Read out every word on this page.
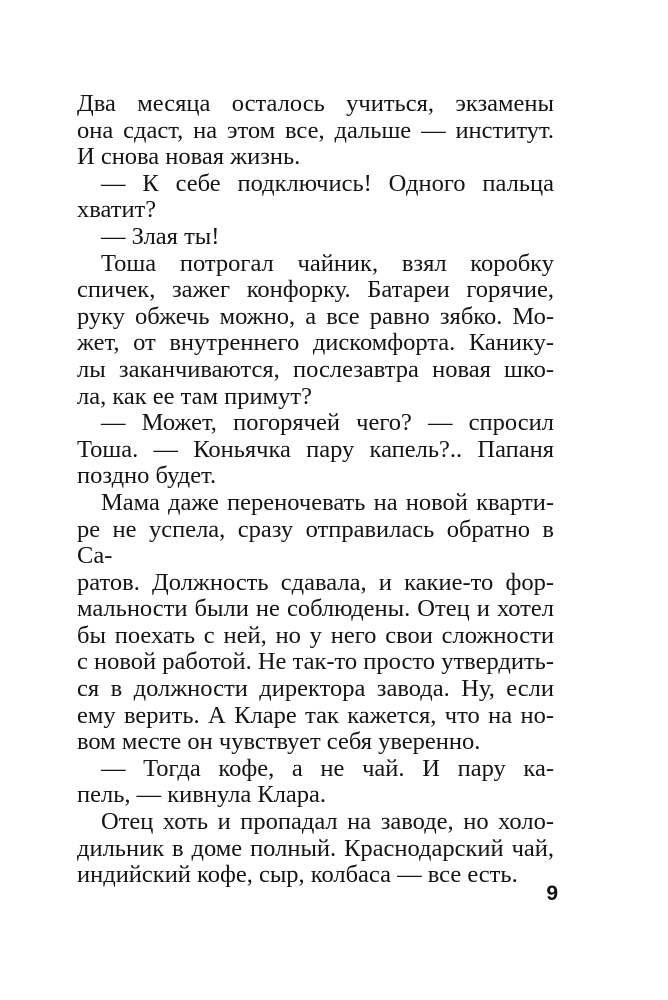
Два месяца осталось учиться, экзамены

она сдаст, на этом все, дальше — институт.

И снова новая жизнь.

— К себе подключись! Одного пальца

хватит?

— Злая ты!

Тоша потрогал чайник, взял коробку

спичек, зажег конфорку. Батареи горячие,

руку обжечь можно, а все равно зябко. Мо-

жет, от внутреннего дискомфорта. Канику-

лы заканчиваются, послезавтра новая шко-

ла, как ее там примут?

— Может, погорячей чего? — спросил

Тоша. — Коньячка пару капель?.. Папаня

поздно будет.

Мама даже переночевать на новой кварти-

ре не успела, сразу отправилась обратно в Са-

ратов. Должность сдавала, и какие-то фор-

мальности были не соблюдены. Отец и хотел

бы поехать с ней, но у него свои сложности

с новой работой. Не так-то просто утвердить-

ся в должности директора завода. Ну, если

ему верить. А Кларе так кажется, что на но-

вом месте он чувствует себя уверенно.

— Тогда кофе, а не чай. И пару ка-

пель, — кивнула Клара.

Отец хоть и пропадал на заводе, но холо-

дильник в доме полный. Краснодарский чай,

индийский кофе, сыр, колбаса — все есть.

9
